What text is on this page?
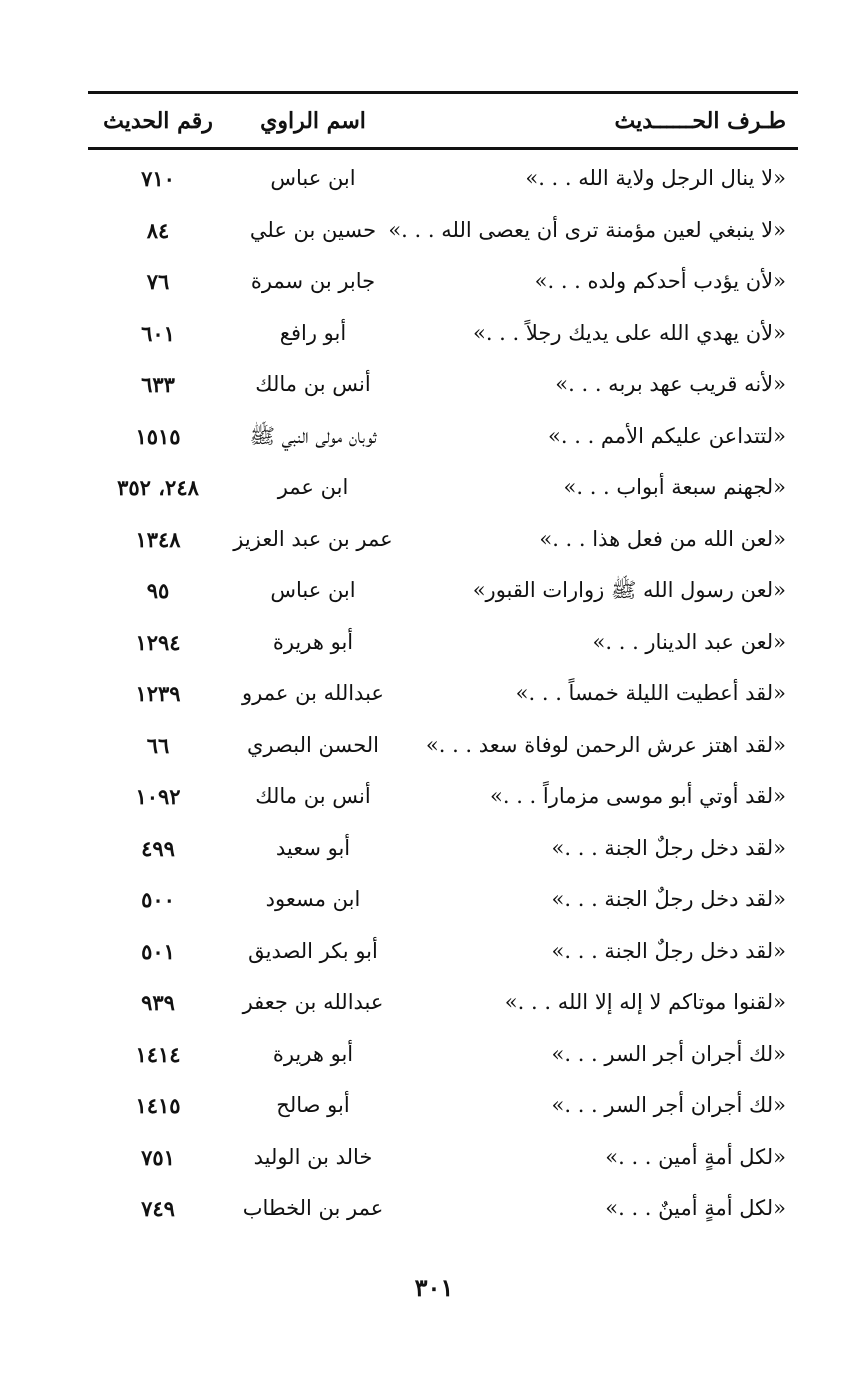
طـرف الحــــــديث
اسم الراوي
رقم الحديث
«لا ينال الرجل ولاية الله . . .»
ابن عباس
٧١٠
«لا ينبغي لعين مؤمنة ترى أن يعصى الله . . .»
حسين بن علي
٨٤
«لأن يؤدب أحدكم ولده . . .»
جابر بن سمرة
٧٦
«لأن يهدي الله على يديك رجلاً . . .»
أبو رافع
٦٠١
«لأنه قريب عهد بربه . . .»
أنس بن مالك
٦٣٣
«لتتداعن عليكم الأمم . . .»
ثوبان مولى النبي ﷺ
١٥١٥
«لجهنم سبعة أبواب . . .»
ابن عمر
٢٤٨، ٣٥٢
«لعن الله من فعل هذا . . .»
عمر بن عبد العزيز
١٣٤٨
«لعن رسول الله ﷺ زوارات القبور»
ابن عباس
٩٥
«لعن عبد الدينار . . .»
أبو هريرة
١٢٩٤
«لقد أعطيت الليلة خمساً . . .»
عبدالله بن عمرو
١٢٣٩
«لقد اهتز عرش الرحمن لوفاة سعد . . .»
الحسن البصري
٦٦
«لقد أوتي أبو موسى مزماراً . . .»
أنس بن مالك
١٠٩٢
«لقد دخل رجلٌ الجنة . . .»
أبو سعيد
٤٩٩
«لقد دخل رجلٌ الجنة . . .»
ابن مسعود
٥٠٠
«لقد دخل رجلٌ الجنة . . .»
أبو بكر الصديق
٥٠١
«لقنوا موتاكم لا إله إلا الله . . .»
عبدالله بن جعفر
٩٣٩
«لك أجران أجر السر . . .»
أبو هريرة
١٤١٤
«لك أجران أجر السر . . .»
أبو صالح
١٤١٥
«لكل أمةٍ أمين . . .»
خالد بن الوليد
٧٥١
«لكل أمةٍ أمينٌ . . .»
عمر بن الخطاب
٧٤٩
٣٠١
